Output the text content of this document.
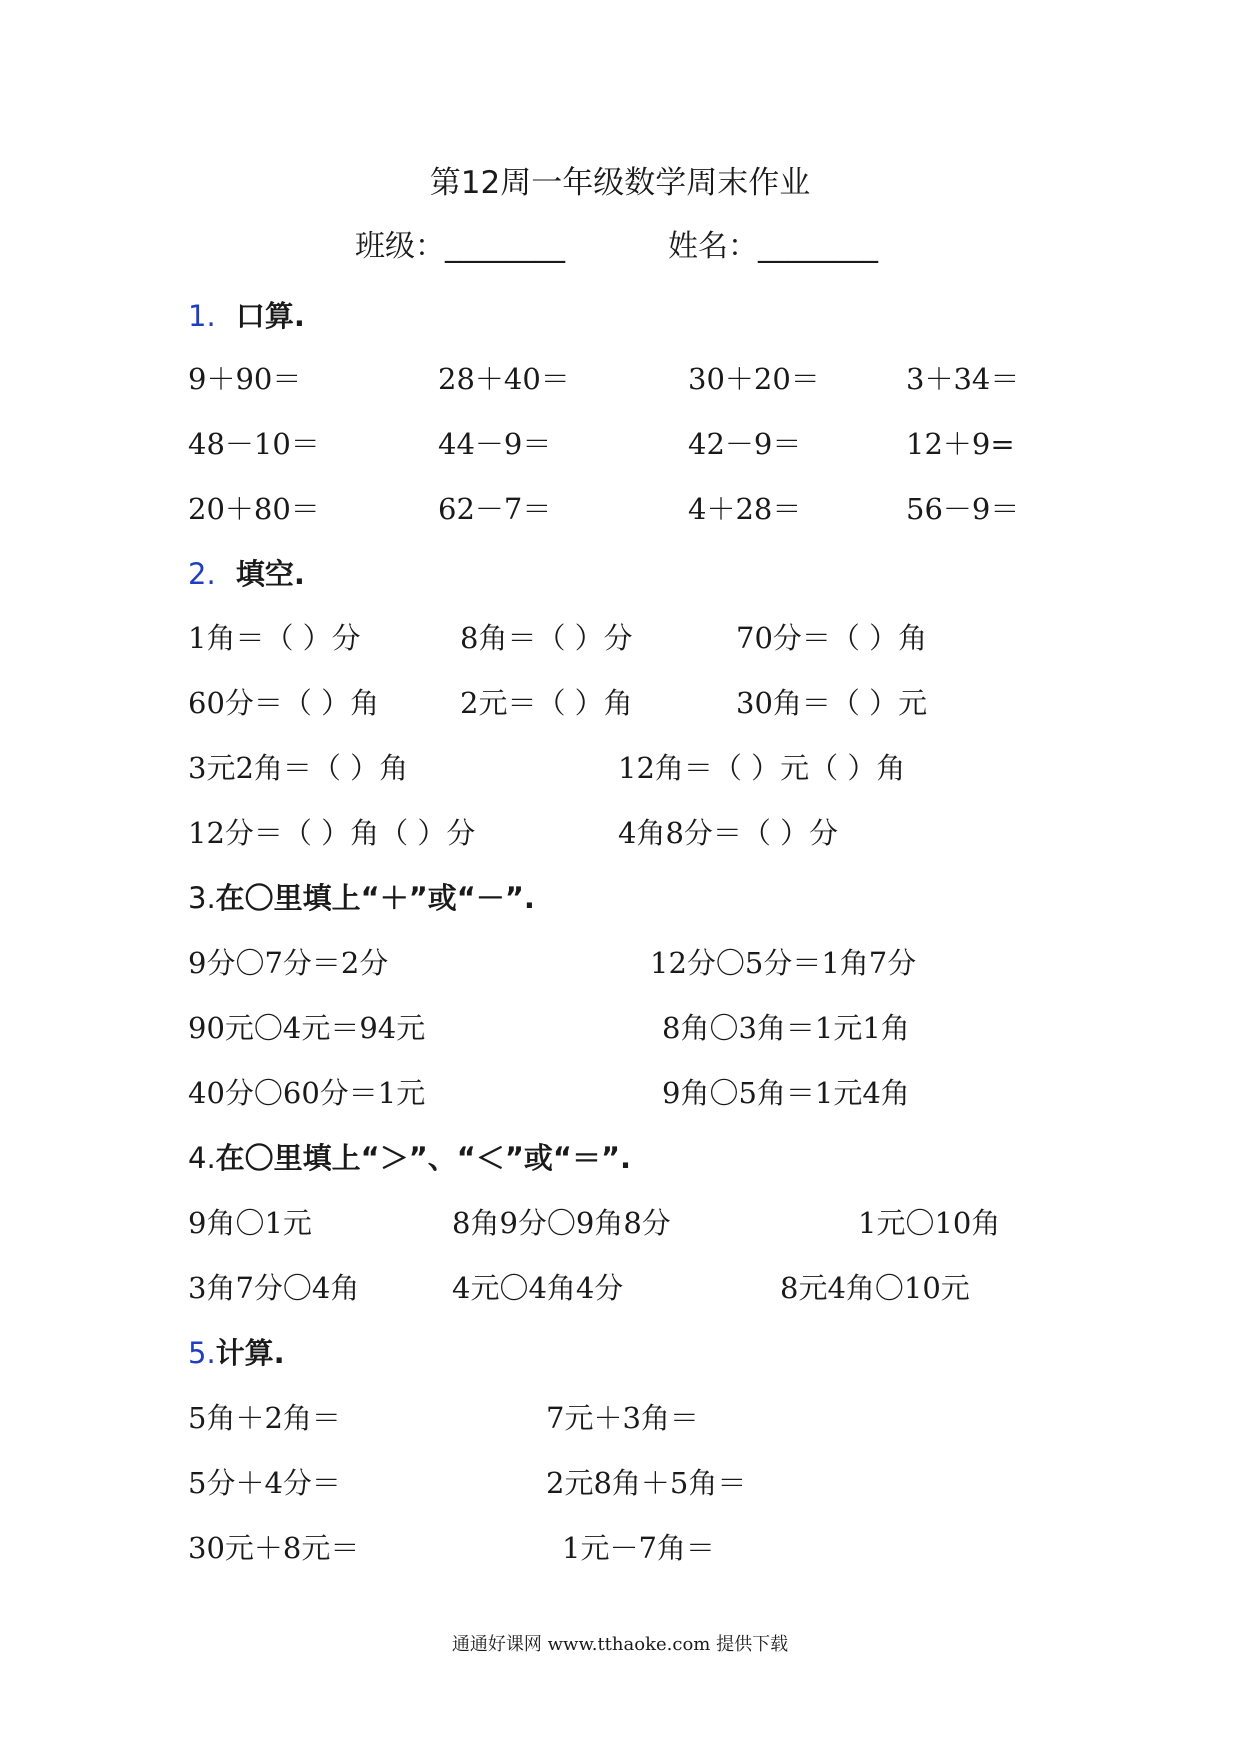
第12周一年级数学周末作业
班级：________	姓名：________
1. 口算.
9＋90＝	28＋40＝	30＋20＝	3＋34＝
48－10＝	44－9＝	42－9＝	12＋9=
20＋80＝	62－7＝	4＋28＝	56－9＝
2. 填空.
1角＝（ ）分	8角＝（ ）分	70分＝（ ）角
60分＝（ ）角	2元＝（ ）角	30角＝（ ）元
3元2角＝（ ）角	12角＝（ ）元（ ）角
12分＝（ ）角（ ）分	4角8分＝（ ）分
3.在〇里填上“＋”或“－”.
9分〇7分＝2分	12分〇5分＝1角7分
90元〇4元＝94元	8角〇3角＝1元1角
40分〇60分＝1元	9角〇5角＝1元4角
4.在〇里填上“＞”、“＜”或“＝”.
9角〇1元	8角9分〇9角8分	1元〇10角
3角7分〇4角	4元〇4角4分	8元4角〇10元
5.计算.
5角＋2角＝	7元＋3角＝
5分＋4分＝	2元8角＋5角＝
30元＋8元＝	1元－7角＝
通通好课网 www.tthaoke.com 提供下载
